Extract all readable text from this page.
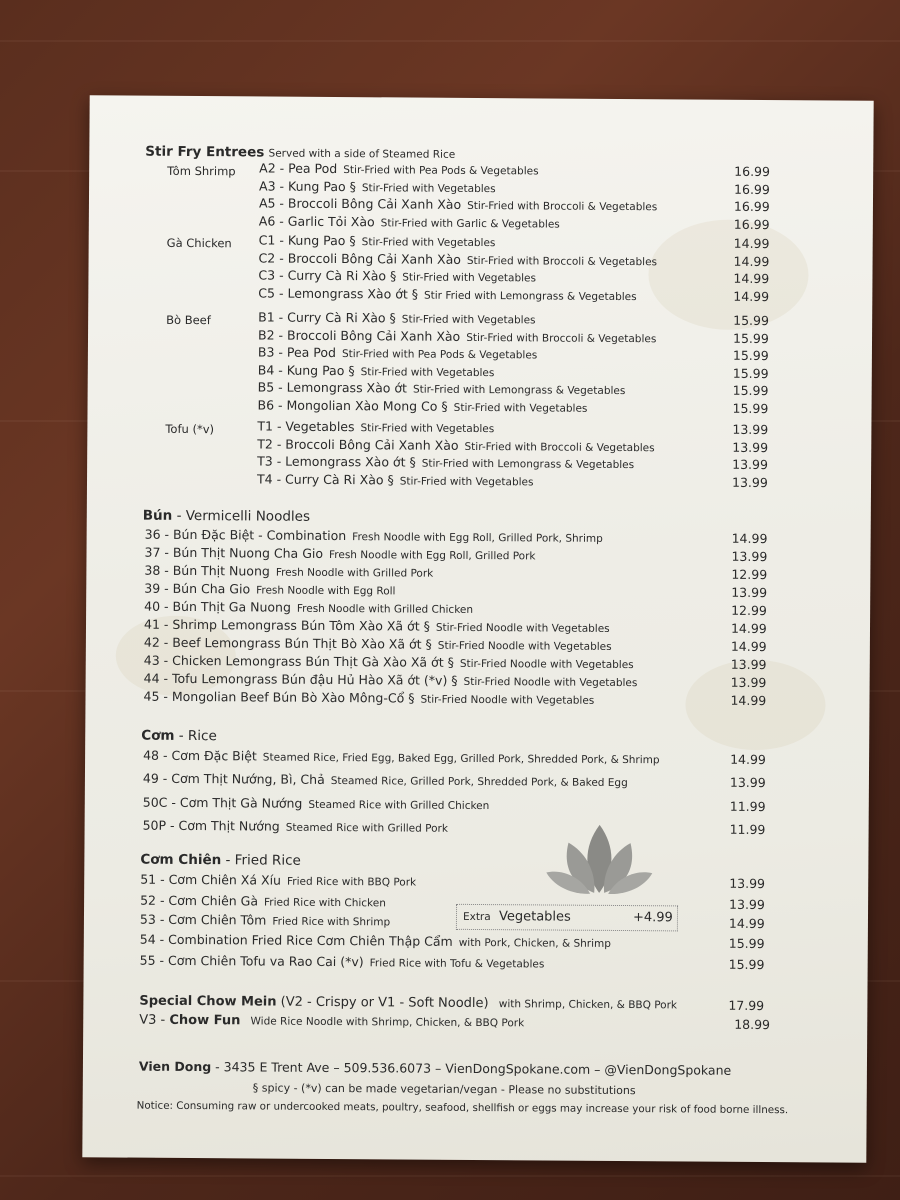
Stir Fry Entrees Served with a side of Steamed Rice
Tôm Shrimp A2 - Pea Pod Stir-Fried with Pea Pods & Vegetables	16.99
A3 - Kung Pao § Stir-Fried with Vegetables	16.99
A5 - Broccoli Bông Cải Xanh Xào Stir-Fried with Broccoli & Vegetables	16.99
A6 - Garlic Tỏi Xào Stir-Fried with Garlic & Vegetables	16.99
Gà Chicken C1 - Kung Pao § Stir-Fried with Vegetables	14.99
C2 - Broccoli Bông Cải Xanh Xào Stir-Fried with Broccoli & Vegetables	14.99
C3 - Curry Cà Ri Xào § Stir-Fried with Vegetables	14.99
C5 - Lemongrass Xào ớt § Stir Fried with Lemongrass & Vegetables	14.99
Bò Beef	B1 - Curry Cà Ri Xào § Stir-Fried with Vegetables	15.99
B2 - Broccoli Bông Cải Xanh Xào Stir-Fried with Broccoli & Vegetables	15.99
B3 - Pea Pod Stir-Fried with Pea Pods & Vegetables	15.99
B4 - Kung Pao § Stir-Fried with Vegetables	15.99
B5 - Lemongrass Xào ớt Stir-Fried with Lemongrass & Vegetables	15.99
B6 - Mongolian Xào Mong Co § Stir-Fried with Vegetables	15.99
Tofu (*v)	T1 - Vegetables Stir-Fried with Vegetables	13.99
T2 - Broccoli Bông Cải Xanh Xào Stir-Fried with Broccoli & Vegetables	13.99
T3 - Lemongrass Xào ớt § Stir-Fried with Lemongrass & Vegetables	13.99
T4 - Curry Cà Ri Xào § Stir-Fried with Vegetables	13.99
Bún - Vermicelli Noodles
36 - Bún Đặc Biệt - Combination Fresh Noodle with Egg Roll, Grilled Pork, Shrimp	14.99
37 - Bún Thịt Nuong Cha Gio Fresh Noodle with Egg Roll, Grilled Pork	13.99
38 - Bún Thịt Nuong Fresh Noodle with Grilled Pork	12.99
39 - Bún Cha Gio Fresh Noodle with Egg Roll	13.99
40 - Bún Thịt Ga Nuong Fresh Noodle with Grilled Chicken	12.99
41 - Shrimp Lemongrass Bún Tôm Xào Xã ớt § Stir-Fried Noodle with Vegetables	14.99
42 - Beef Lemongrass Bún Thịt Bò Xào Xã ớt § Stir-Fried Noodle with Vegetables	14.99
43 - Chicken Lemongrass Bún Thịt Gà Xào Xã ớt § Stir-Fried Noodle with Vegetables	13.99
44 - Tofu Lemongrass Bún đậu Hủ Hào Xã ớt (*v) § Stir-Fried Noodle with Vegetables	13.99
45 - Mongolian Beef Bún Bò Xào Mông-Cổ § Stir-Fried Noodle with Vegetables	14.99
Cơm - Rice
48 - Cơm Đặc Biệt Steamed Rice, Fried Egg, Baked Egg, Grilled Pork, Shredded Pork, & Shrimp	14.99
49 - Cơm Thịt Nướng, Bì, Chả Steamed Rice, Grilled Pork, Shredded Pork, & Baked Egg	13.99
50C - Cơm Thịt Gà Nướng Steamed Rice with Grilled Chicken	11.99
50P - Cơm Thịt Nướng Steamed Rice with Grilled Pork	11.99
Cơm Chiên - Fried Rice
51 - Cơm Chiên Xá Xíu Fried Rice with BBQ Pork	13.99
52 - Cơm Chiên Gà Fried Rice with Chicken	13.99
53 - Cơm Chiên Tôm Fried Rice with Shrimp	14.99
54 - Combination Fried Rice Cơm Chiên Thập Cẩm with Pork, Chicken, & Shrimp	15.99
55 - Cơm Chiên Tofu va Rao Cai (*v) Fried Rice with Tofu & Vegetables	15.99
Extra Vegetables	+4.99
Special Chow Mein (V2 - Crispy or V1 - Soft Noodle) with Shrimp, Chicken, & BBQ Pork	17.99
V3 - Chow Fun Wide Rice Noodle with Shrimp, Chicken, & BBQ Pork	18.99
Vien Dong - 3435 E Trent Ave – 509.536.6073 – VienDongSpokane.com – @VienDongSpokane
§ spicy - (*v) can be made vegetarian/vegan - Please no substitutions
Notice: Consuming raw or undercooked meats, poultry, seafood, shellfish or eggs may increase your risk of food borne illness.
